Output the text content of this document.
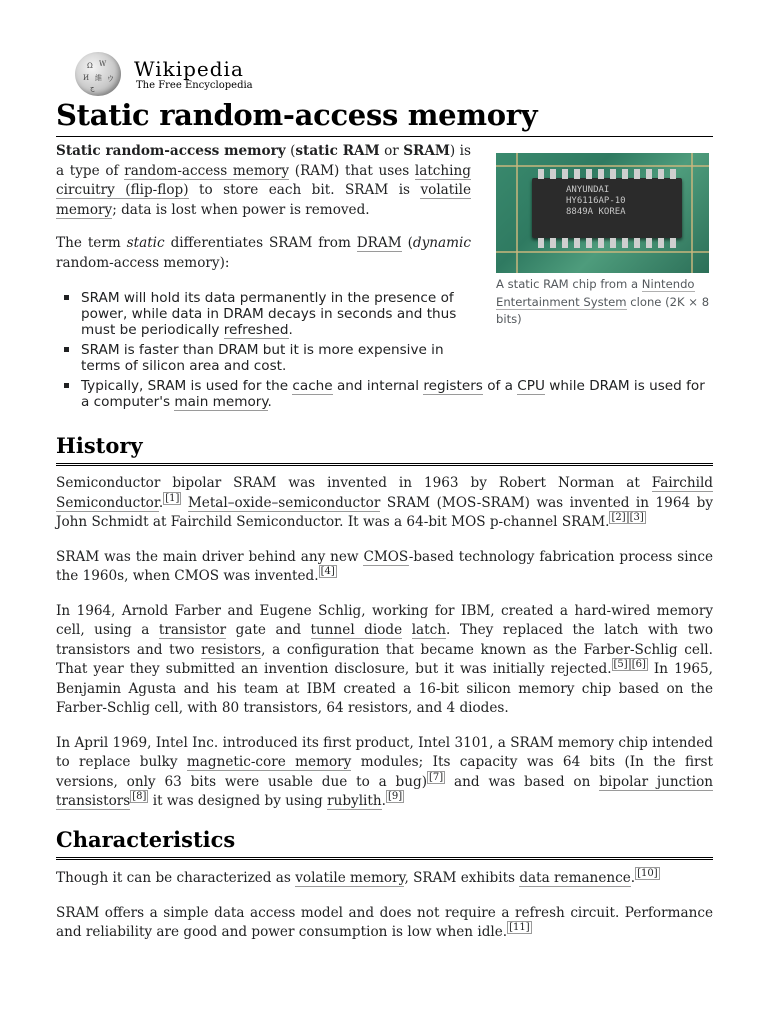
Ω W
И 維 ウ
ج
Wikipedia
The Free Encyclopedia
Static random-access memory

Static random-access memory (static RAM or SRAM) is a type of random-access memory (RAM) that uses latching circuitry (flip-flop) to store each bit. SRAM is volatile memory; data is lost when power is removed.

The term static differentiates SRAM from DRAM (dynamic random-access memory):

ANYUNDAI
HY6116AP-10
8849A KOREA
A static RAM chip from a Nintendo Entertainment System clone (2K × 8 bits)
SRAM will hold its data permanently in the presence of power, while data in DRAM decays in seconds and thus must be periodically refreshed.
SRAM is faster than DRAM but it is more expensive in terms of silicon area and cost.
Typically, SRAM is used for the cache and internal registers of a CPU while DRAM is used for a computer's main memory.
History

Semiconductor bipolar SRAM was invented in 1963 by Robert Norman at Fairchild Semiconductor. [1] Metal–oxide–semiconductor SRAM (MOS-SRAM) was invented in 1964 by John Schmidt at Fairchild Semiconductor. It was a 64-bit MOS p-channel SRAM. [2] [3]

SRAM was the main driver behind any new CMOS-based technology fabrication process since the 1960s, when CMOS was invented. [4]

In 1964, Arnold Farber and Eugene Schlig, working for IBM, created a hard-wired memory cell, using a transistor gate and tunnel diode latch. They replaced the latch with two transistors and two resistors, a configuration that became known as the Farber-Schlig cell. That year they submitted an invention disclosure, but it was initially rejected. [5] [6] In 1965, Benjamin Agusta and his team at IBM created a 16-bit silicon memory chip based on the Farber-Schlig cell, with 80 transistors, 64 resistors, and 4 diodes.

In April 1969, Intel Inc. introduced its first product, Intel 3101, a SRAM memory chip intended to replace bulky magnetic-core memory modules; Its capacity was 64 bits (In the first versions, only 63 bits were usable due to a bug) [7] and was based on bipolar junction transistors [8] it was designed by using rubylith. [9]

Characteristics

Though it can be characterized as volatile memory, SRAM exhibits data remanence. [10]

SRAM offers a simple data access model and does not require a refresh circuit. Performance and reliability are good and power consumption is low when idle. [11]
